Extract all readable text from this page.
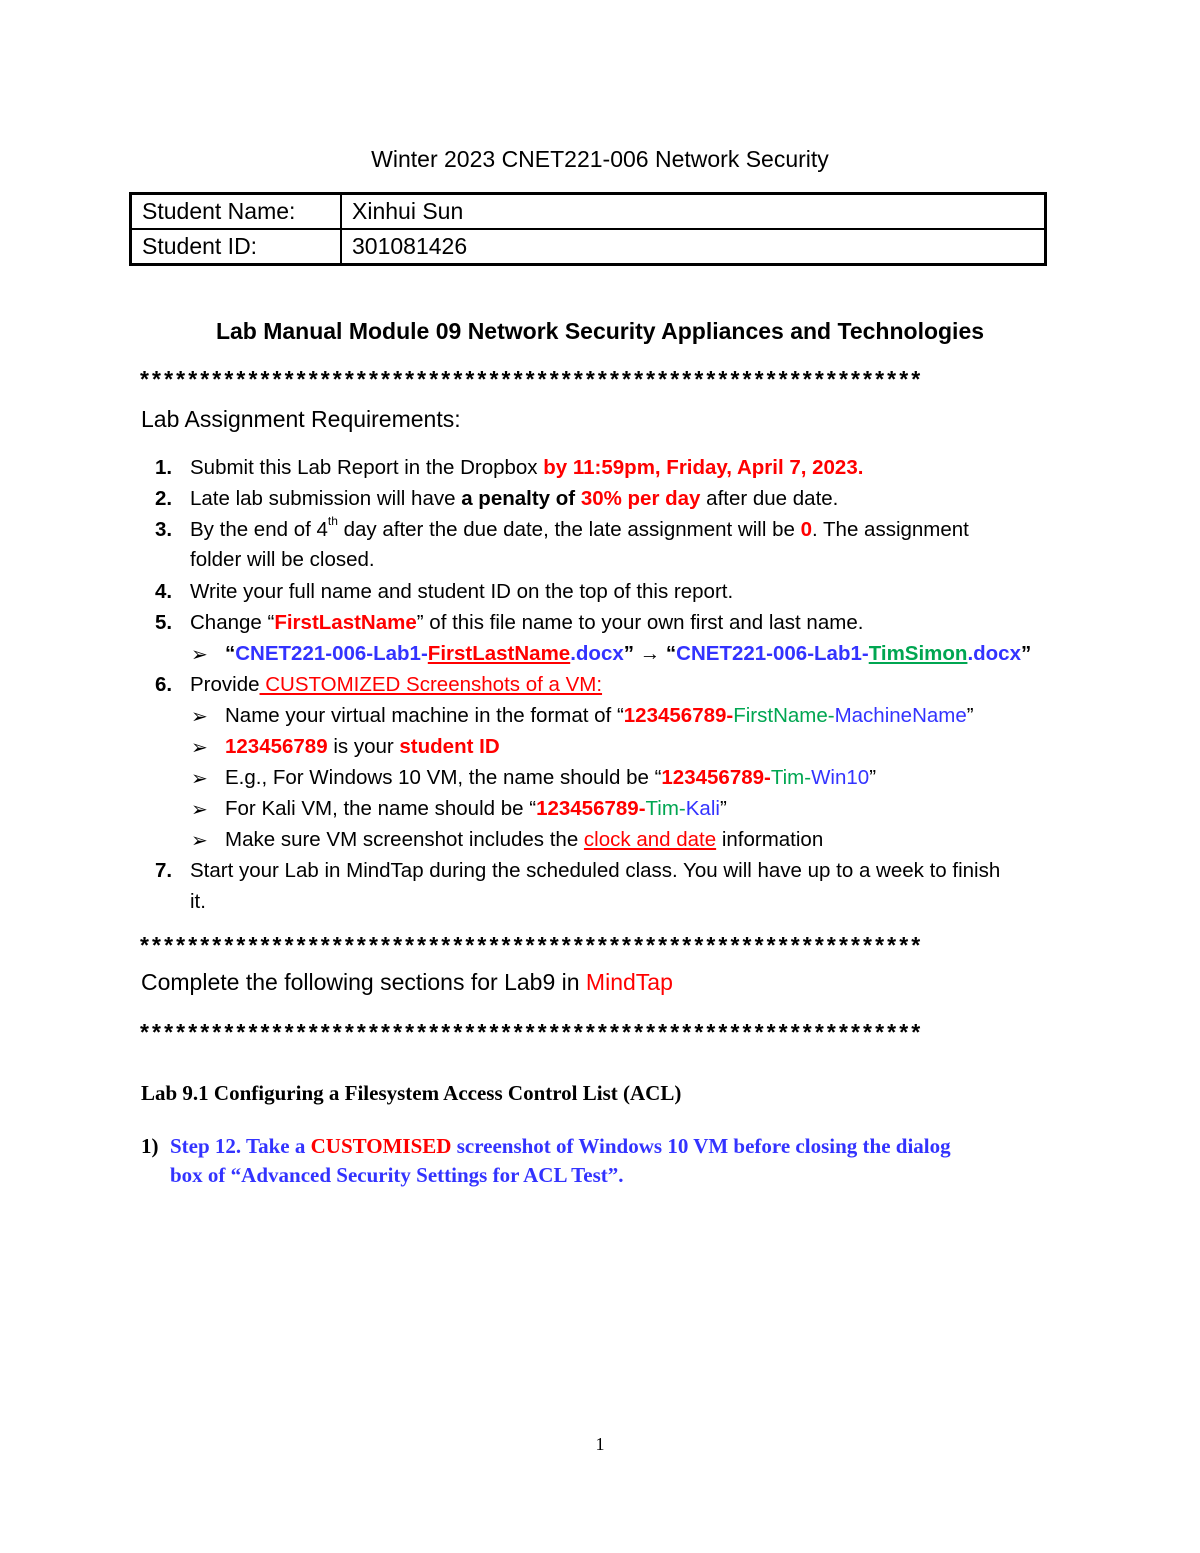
Winter 2023 CNET221-006 Network Security
Student Name:	Xinhui Sun
Student ID:	301081426
Lab Manual Module 09 Network Security Appliances and Technologies
*****************************************************************
Lab Assignment Requirements:
1. Submit this Lab Report in the Dropbox by 11:59pm, Friday, April 7, 2023.
2. Late lab submission will have a penalty of 30% per day after due date.
3. By the end of 4th day after the due date, the late assignment will be 0. The assignment
folder will be closed.
4. Write your full name and student ID on the top of this report.
5. Change “FirstLastName” of this file name to your own first and last name.
➢ “CNET221-006-Lab1-FirstLastName.docx” → “CNET221-006-Lab1-TimSimon.docx”
6. Provide CUSTOMIZED Screenshots of a VM:
➢ Name your virtual machine in the format of “123456789-FirstName-MachineName”
➢ 123456789 is your student ID
➢ E.g., For Windows 10 VM, the name should be “123456789-Tim-Win10”
➢ For Kali VM, the name should be “123456789-Tim-Kali”
➢ Make sure VM screenshot includes the clock and date information
7. Start your Lab in MindTap during the scheduled class. You will have up to a week to finish
it.
*****************************************************************
Complete the following sections for Lab9 in MindTap
*****************************************************************
Lab 9.1 Configuring a Filesystem Access Control List (ACL)
1) Step 12. Take a CUSTOMISED screenshot of Windows 10 VM before closing the dialog
box of “Advanced Security Settings for ACL Test”.
1
